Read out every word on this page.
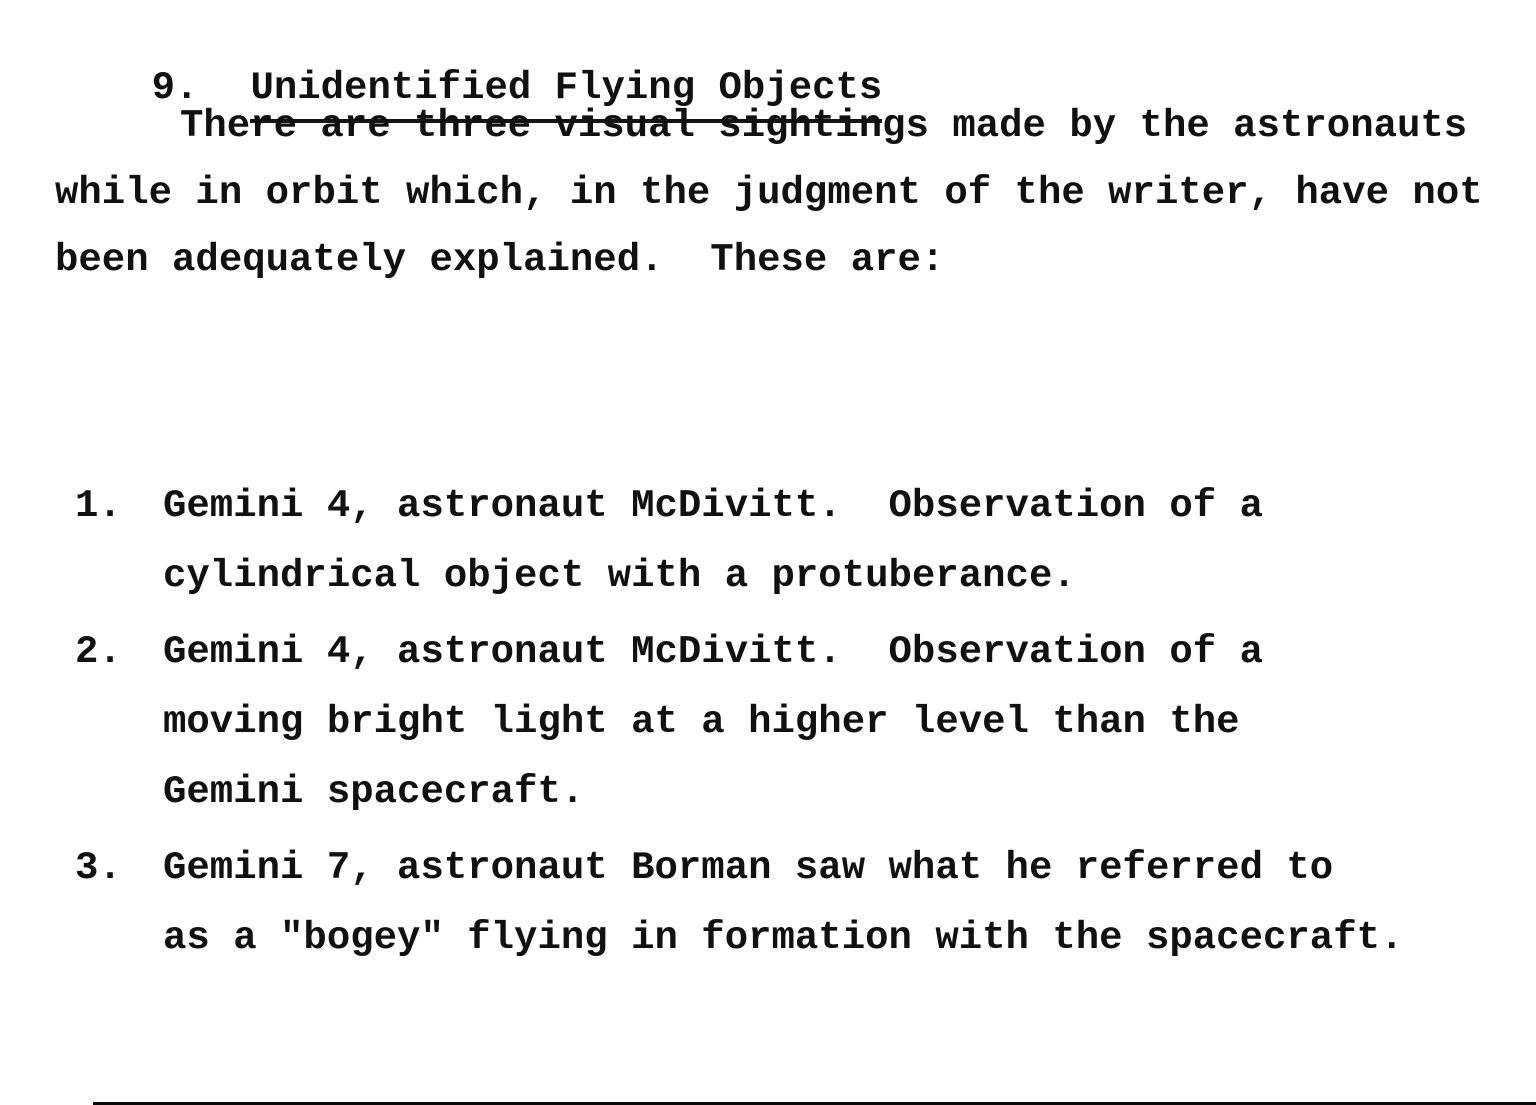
9. Unidentified Flying Objects

There are three visual sightings made by the astronauts
while in orbit which, in the judgment of the writer, have not
been adequately explained.  These are:
1.	Gemini 4, astronaut McDivitt.  Observation of a
cylindrical object with a protuberance.
2.	Gemini 4, astronaut McDivitt.  Observation of a
moving bright light at a higher level than the
Gemini spacecraft.
3.	Gemini 7, astronaut Borman saw what he referred to
as a "bogey" flying in formation with the spacecraft.
